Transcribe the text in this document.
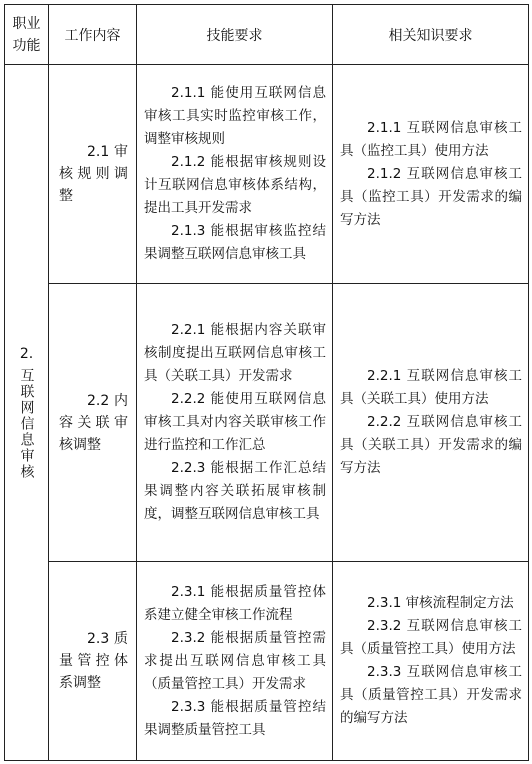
职业
功能	工作内容	技能要求	相关知识要求

2.
互联网信息审核	2.1 审核规则调整	2.1.1 能使用互联网信息审核工具实时监控审核工作，调整审核规则
2.1.2 能根据审核规则设计互联网信息审核体系结构，提出工具开发需求
2.1.3 能根据审核监控结果调整互联网信息审核工具	2.1.1 互联网信息审核工具（监控工具）使用方法
2.1.2 互联网信息审核工具（监控工具）开发需求的编写方法

	2.2 内容关联审核调整	2.2.1 能根据内容关联审核制度提出互联网信息审核工具（关联工具）开发需求
2.2.2 能使用互联网信息审核工具对内容关联审核工作进行监控和工作汇总
2.2.3 能根据工作汇总结果调整内容关联拓展审核制度，调整互联网信息审核工具	2.2.1 互联网信息审核工具（关联工具）使用方法
2.2.2 互联网信息审核工具（关联工具）开发需求的编写方法

	2.3 质量管控体系调整	2.3.1 能根据质量管控体系建立健全审核工作流程
2.3.2 能根据质量管控需求提出互联网信息审核工具（质量管控工具）开发需求
2.3.3 能根据质量管控结果调整质量管控工具	2.3.1 审核流程制定方法
2.3.2 互联网信息审核工具（质量管控工具）使用方法
2.3.3 互联网信息审核工具（质量管控工具）开发需求的编写方法
